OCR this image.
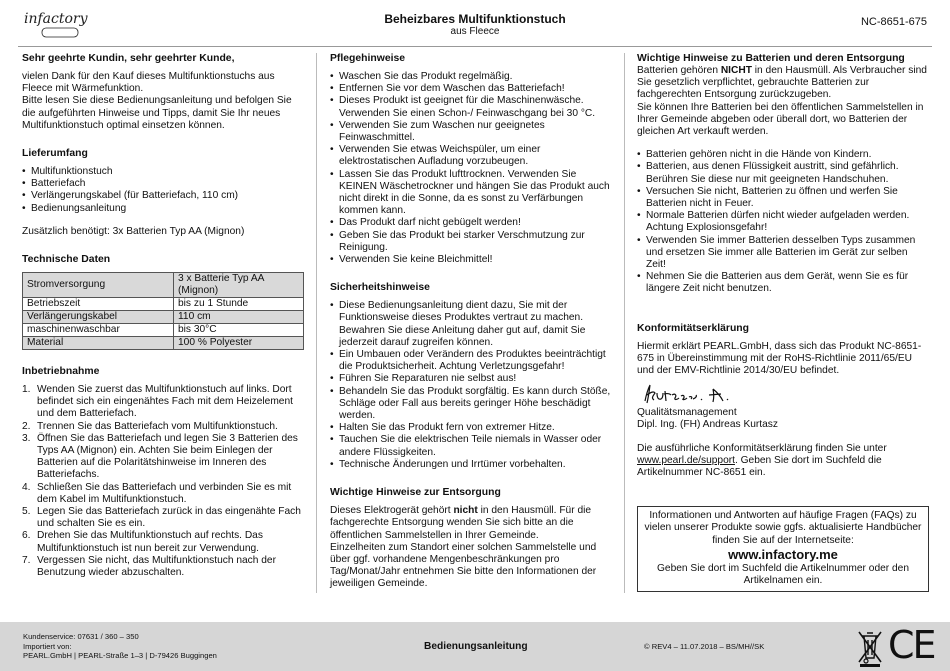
infactory	Beheizbares Multifunktionstuch
aus Fleece
NC-8651-675
Sehr geehrte Kundin, sehr geehrter Kunde,

vielen Dank für den Kauf dieses Multifunktionstuchs aus Fleece mit Wärmefunktion.

Bitte lesen Sie diese Bedienungsanleitung und befolgen Sie die aufgeführten Hinweise und Tipps, damit Sie Ihr neues Multifunktionstuch optimal einsetzen können.

Lieferumfang
• Multifunktionstuch
• Batteriefach
• Verlängerungskabel (für Batteriefach, 110 cm)
• Bedienungsanleitung

Zusätzlich benötigt: 3x Batterien Typ AA (Mignon)

Technische Daten
Stromversorgung	3 x Batterie Typ AA (Mignon)
Betriebszeit	bis zu 1 Stunde
Verlängerungskabel	110 cm
maschinenwaschbar	bis 30°C
Material	100 % Polyester
Inbetriebnahme
1. Wenden Sie zuerst das Multifunktionstuch auf links. Dort befindet sich ein eingenähtes Fach mit dem Heizelement und dem Batteriefach.
2. Trennen Sie das Batteriefach vom Multifunktionstuch.
3. Öffnen Sie das Batteriefach und legen Sie 3 Batterien des Typs AA (Mignon) ein. Achten Sie beim Einlegen der Batterien auf die Polaritätshinweise im Inneren des Batteriefachs.
4. Schließen Sie das Batteriefach und verbinden Sie es mit dem Kabel im Multifunktionstuch.
5. Legen Sie das Batteriefach zurück in das eingenähte Fach und schalten Sie es ein.
6. Drehen Sie das Multifunktionstuch auf rechts. Das Multifunktionstuch ist nun bereit zur Verwendung.
7. Vergessen Sie nicht, das Multifunktionstuch nach der Benutzung wieder abzuschalten.
Pflegehinweise
• Waschen Sie das Produkt regelmäßig.
• Entfernen Sie vor dem Waschen das Batteriefach!
• Dieses Produkt ist geeignet für die Maschinenwäsche. Verwenden Sie einen Schon-/ Feinwaschgang bei 30 °C.
• Verwenden Sie zum Waschen nur geeignetes Feinwaschmittel.
• Verwenden Sie etwas Weichspüler, um einer elektrostatischen Aufladung vorzubeugen.
• Lassen Sie das Produkt lufttrocknen. Verwenden Sie KEINEN Wäschetrockner und hängen Sie das Produkt auch nicht direkt in die Sonne, da es sonst zu Verfärbungen kommen kann.
• Das Produkt darf nicht gebügelt werden!
• Geben Sie das Produkt bei starker Verschmutzung zur Reinigung.
• Verwenden Sie keine Bleichmittel!
Sicherheitshinweise
• Diese Bedienungsanleitung dient dazu, Sie mit der Funktionsweise dieses Produktes vertraut zu machen. Bewahren Sie diese Anleitung daher gut auf, damit Sie jederzeit darauf zugreifen können.
• Ein Umbauen oder Verändern des Produktes beeinträchtigt die Produktsicherheit. Achtung Verletzungsgefahr!
• Führen Sie Reparaturen nie selbst aus!
• Behandeln Sie das Produkt sorgfältig. Es kann durch Stöße, Schläge oder Fall aus bereits geringer Höhe beschädigt werden.
• Halten Sie das Produkt fern von extremer Hitze.
• Tauchen Sie die elektrischen Teile niemals in Wasser oder andere Flüssigkeiten.
• Technische Änderungen und Irrtümer vorbehalten.
Wichtige Hinweise zur Entsorgung

Dieses Elektrogerät gehört nicht in den Hausmüll. Für die fachgerechte Entsorgung wenden Sie sich bitte an die öffentlichen Sammelstellen in Ihrer Gemeinde.

Einzelheiten zum Standort einer solchen Sammelstelle und über ggf. vorhandene Mengenbeschränkungen pro Tag/Monat/Jahr entnehmen Sie bitte den Informationen der jeweiligen Gemeinde.

Wichtige Hinweise zu Batterien und deren Entsorgung

Batterien gehören NICHT in den Hausmüll. Als Verbraucher sind Sie gesetzlich verpflichtet, gebrauchte Batterien zur fachgerechten Entsorgung zurückzugeben.

Sie können Ihre Batterien bei den öffentlichen Sammelstellen in Ihrer Gemeinde abgeben oder überall dort, wo Batterien der gleichen Art verkauft werden.

• Batterien gehören nicht in die Hände von Kindern.
• Batterien, aus denen Flüssigkeit austritt, sind gefährlich. Berühren Sie diese nur mit geeigneten Handschuhen.
• Versuchen Sie nicht, Batterien zu öffnen und werfen Sie Batterien nicht in Feuer.
• Normale Batterien dürfen nicht wieder aufgeladen werden. Achtung Explosionsgefahr!
• Verwenden Sie immer Batterien desselben Typs zusammen und ersetzen Sie immer alle Batterien im Gerät zur selben Zeit!
• Nehmen Sie die Batterien aus dem Gerät, wenn Sie es für längere Zeit nicht benutzen.
Konformitätserklärung

Hiermit erklärt PEARL.GmbH, dass sich das Produkt NC-8651-675 in Übereinstimmung mit der RoHS-Richtlinie 2011/65/EU und der EMV-Richtlinie 2014/30/EU befindet.

Qualitätsmanagement

Dipl. Ing. (FH) Andreas Kurtasz

Die ausführliche Konformitätserklärung finden Sie unter www.pearl.de/support. Geben Sie dort im Suchfeld die Artikelnummer NC-8651 ein.

Informationen und Antworten auf häufige Fragen (FAQs) zu vielen unserer Produkte sowie ggfs. aktualisierte Handbücher finden Sie auf der Internetseite:

www.infactory.me

Geben Sie dort im Suchfeld die Artikelnummer oder den Artikelnamen ein.

Kundenservice: 07631 / 360 – 350
Importiert von:
PEARL.GmbH | PEARL-Straße 1–3 | D-79426 Buggingen
Bedienungsanleitung	© REV4 – 11.07.2018 – BS/MH//SK	CE
